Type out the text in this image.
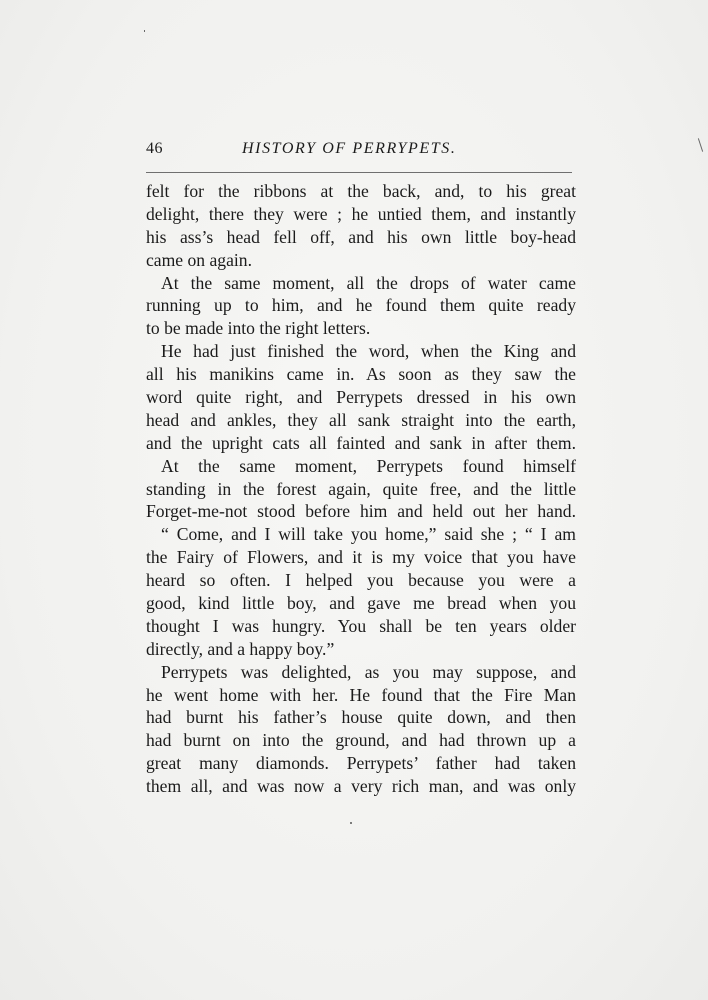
46	HISTORY OF PERRYPETS.
felt for the ribbons at the back, and, to his great
delight, there they were ; he untied them, and instantly
his ass’s head fell off, and his own little boy-head
came on again.
At the same moment, all the drops of water came
running up to him, and he found them quite ready
to be made into the right letters.
He had just finished the word, when the King and
all his manikins came in. As soon as they saw the
word quite right, and Perrypets dressed in his own
head and ankles, they all sank straight into the earth,
and the upright cats all fainted and sank in after them.
At the same moment, Perrypets found himself
standing in the forest again, quite free, and the little
Forget-me-not stood before him and held out her hand.
“ Come, and I will take you home,” said she ; “ I am
the Fairy of Flowers, and it is my voice that you have
heard so often. I helped you because you were a
good, kind little boy, and gave me bread when you
thought I was hungry. You shall be ten years older
directly, and a happy boy.”
Perrypets was delighted, as you may suppose, and
he went home with her. He found that the Fire Man
had burnt his father’s house quite down, and then
had burnt on into the ground, and had thrown up a
great many diamonds. Perrypets’ father had taken
them all, and was now a very rich man, and was only
